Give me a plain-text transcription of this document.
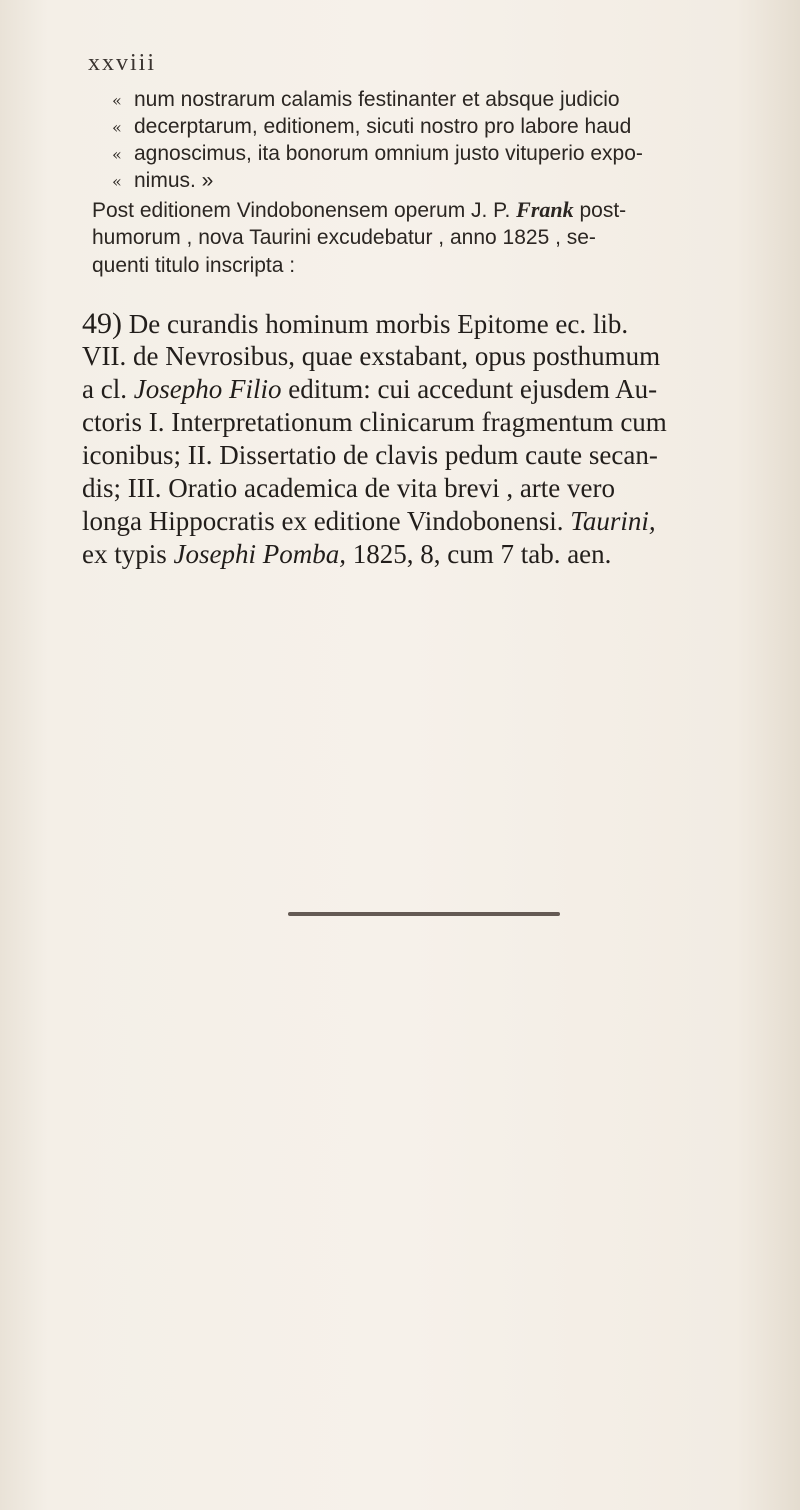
xxviii
« num nostrarum calamis festinanter et absque judicio
« decerptarum, editionem, sicuti nostro pro labore haud
« agnoscimus, ita bonorum omnium justo vituperio expo-
« nimus. »
Post editionem Vindobonensem operum J. P. Frank post-
humorum , nova Taurini excudebatur , anno 1825 , se-
quenti titulo inscripta :
49) De curandis hominum morbis Epitome ec. lib.
VII. de Nevrosibus, quae exstabant, opus posthumum
a cl. Josepho Filio editum: cui accedunt ejusdem Au-
ctoris I. Interpretationum clinicarum fragmentum cum
iconibus; II. Dissertatio de clavis pedum caute secan-
dis; III. Oratio academica de vita brevi , arte vero
longa Hippocratis ex editione Vindobonensi. Taurini,
ex typis Josephi Pomba, 1825, 8, cum 7 tab. aen.
